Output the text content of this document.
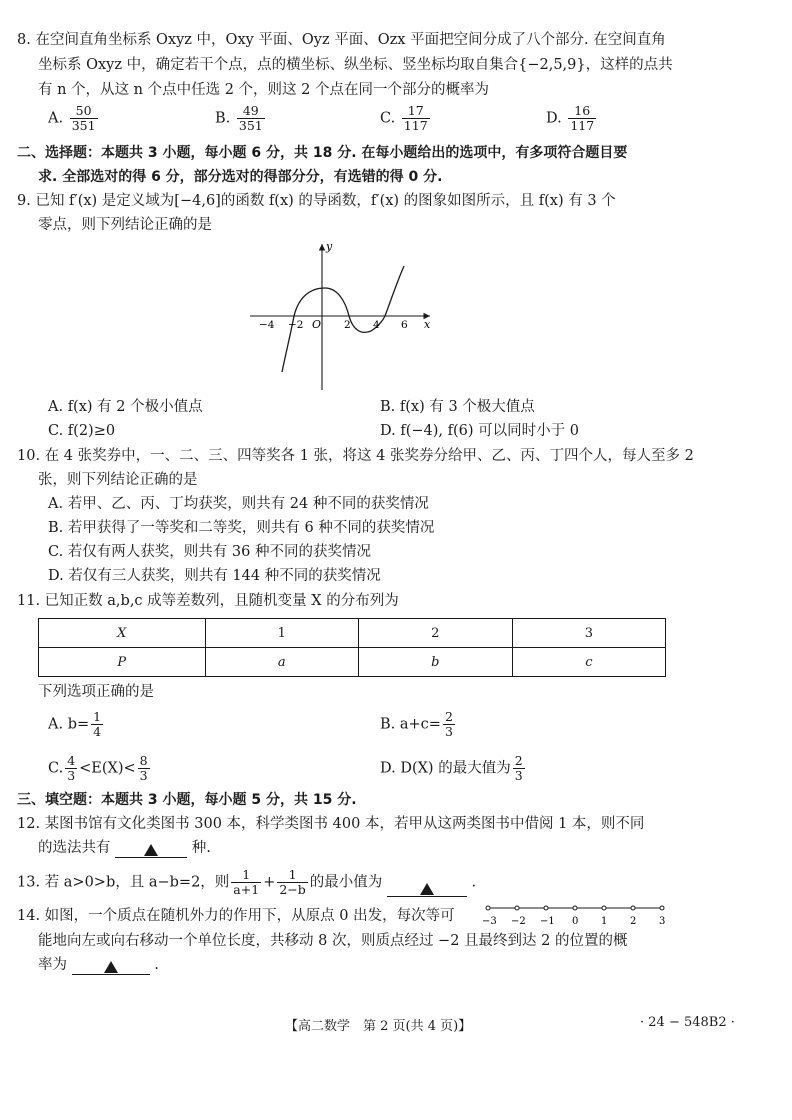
8. 在空间直角坐标系 Oxyz 中，Oxy 平面、Oyz 平面、Ozx 平面把空间分成了八个部分. 在空间直角
坐标系 Oxyz 中，确定若干个点，点的横坐标、纵坐标、竖坐标均取自集合{−2,5,9}，这样的点共
有 n 个，从这 n 个点中任选 2 个，则这 2 个点在同一个部分的概率为
A. $\frac{50}{351}$	B. $\frac{49}{351}$	C. $\frac{17}{117}$	D. $\frac{16}{117}$
二、选择题：本题共 3 小题，每小题 6 分，共 18 分. 在每小题给出的选项中，有多项符合题目要
求. 全部选对的得 6 分，部分选对的得部分分，有选错的得 0 分.
9. 已知 f′(x) 是定义域为[−4,6]的函数 f(x) 的导函数，f′(x) 的图象如图所示，且 f(x) 有 3 个
零点，则下列结论正确的是
y
x
O
−4 −2	2 4 6
A. f(x) 有 2 个极小值点	B. f(x) 有 3 个极大值点
C. f(2)≥0	D. f(−4), f(6) 可以同时小于 0
10. 在 4 张奖券中，一、二、三、四等奖各 1 张，将这 4 张奖券分给甲、乙、丙、丁四个人，每人至多 2
张，则下列结论正确的是
A. 若甲、乙、丙、丁均获奖，则共有 24 种不同的获奖情况
B. 若甲获得了一等奖和二等奖，则共有 6 种不同的获奖情况
C. 若仅有两人获奖，则共有 36 种不同的获奖情况
D. 若仅有三人获奖，则共有 144 种不同的获奖情况
11. 已知正数 a,b,c 成等差数列，且随机变量 X 的分布列为
X	1	2	3
P	a	b	c
下列选项正确的是
A. $b= \frac{1}{4}$	B. $a+c= \frac{2}{3}$
C. $\frac{4}{3} <E(X)< \frac{8}{3}$	D. D(X) 的最大值为 $\frac{2}{3}$
三、填空题：本题共 3 小题，每小题 5 分，共 15 分.
12. 某图书馆有文化类图书 300 本，科学类图书 400 本，若甲从这两类图书中借阅 1 本，则不同
的选法共有	种.
13. 若 a>0>b，且 a−b=2，则 $\frac{1}{a+1} + \frac{1}{2-b}$ 的最小值为	.
14. 如图，一个质点在随机外力的作用下，从原点 0 出发，每次等可	−3 −2 −1 0 1 2 3
能地向左或向右移动一个单位长度，共移动 8 次，则质点经过 −2 且最终到达 2 的位置的概
率为	.
【高二数学　第 2 页(共 4 页)】	· 24 − 548B2 ·
